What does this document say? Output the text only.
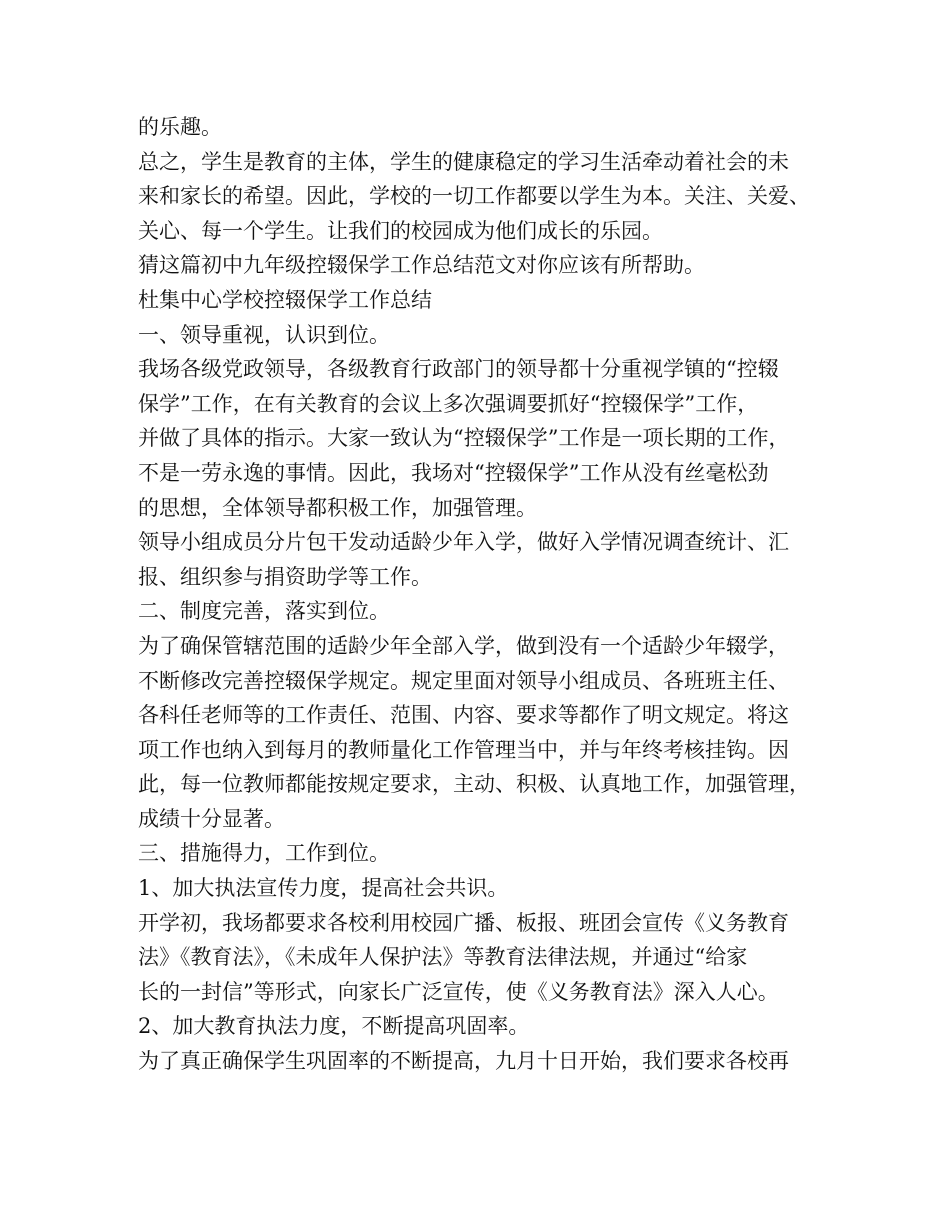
的乐趣。

总之，学生是教育的主体，学生的健康稳定的学习生活牵动着社会的未

来和家长的希望。因此，学校的一切工作都要以学生为本。关注、关爱、

关心、每一个学生。让我们的校园成为他们成长的乐园。

猜这篇初中九年级控辍保学工作总结范文对你应该有所帮助。

杜集中心学校控辍保学工作总结

一、领导重视，认识到位。

我场各级党政领导，各级教育行政部门的领导都十分重视学镇的“控辍

保学”工作，在有关教育的会议上多次强调要抓好“控辍保学”工作，

并做了具体的指示。大家一致认为“控辍保学”工作是一项长期的工作，

不是一劳永逸的事情。因此，我场对“控辍保学”工作从没有丝毫松劲

的思想，全体领导都积极工作，加强管理。

领导小组成员分片包干发动适龄少年入学，做好入学情况调查统计、汇

报、组织参与捐资助学等工作。

二、制度完善，落实到位。

为了确保管辖范围的适龄少年全部入学，做到没有一个适龄少年辍学，

不断修改完善控辍保学规定。规定里面对领导小组成员、各班班主任、

各科任老师等的工作责任、范围、内容、要求等都作了明文规定。将这

项工作也纳入到每月的教师量化工作管理当中，并与年终考核挂钩。因

此，每一位教师都能按规定要求，主动、积极、认真地工作，加强管理，

成绩十分显著。

三、措施得力，工作到位。

1、加大执法宣传力度，提高社会共识。

开学初，我场都要求各校利用校园广播、板报、班团会宣传《义务教育

法》《教育法》，《未成年人保护法》等教育法律法规，并通过“给家

长的一封信”等形式，向家长广泛宣传，使《义务教育法》深入人心。

2、加大教育执法力度，不断提高巩固率。

为了真正确保学生巩固率的不断提高，九月十日开始，我们要求各校再
